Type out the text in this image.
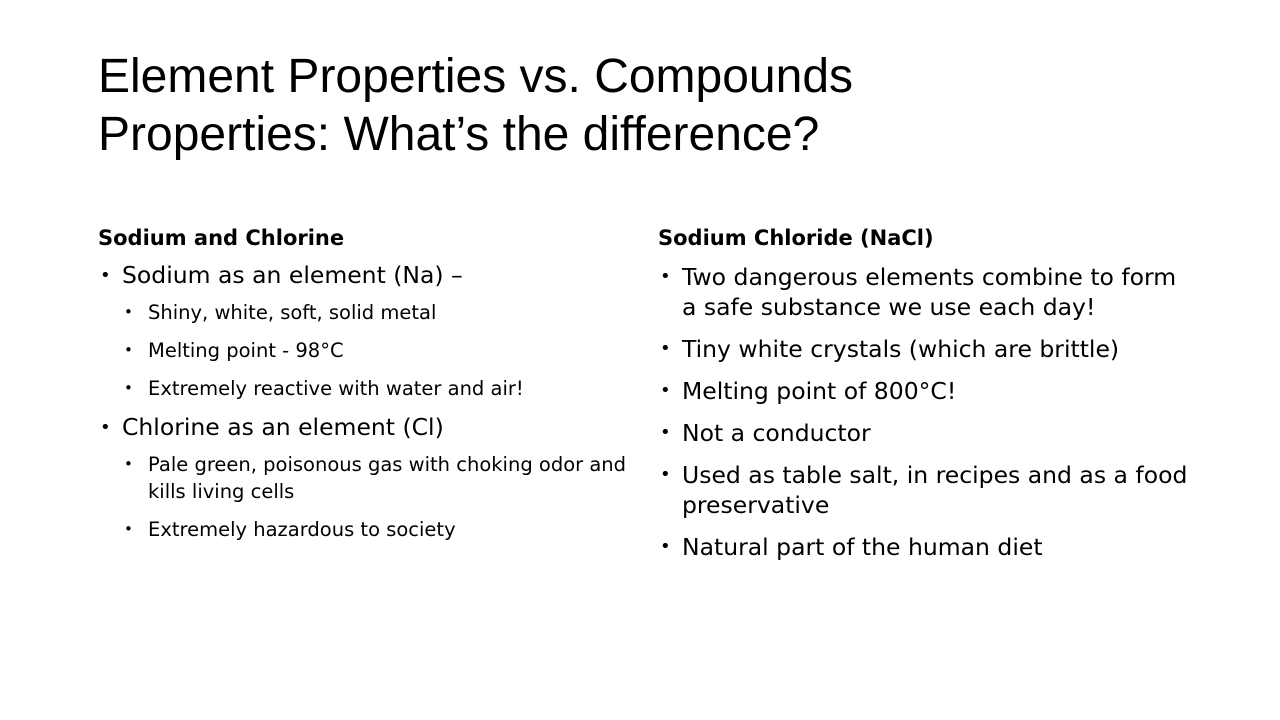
Element Properties vs. Compounds
Properties: What’s the difference?
Sodium and Chlorine
• Sodium as an element (Na) –
• Shiny, white, soft, solid metal
• Melting point - 98°C
• Extremely reactive with water and air!
• Chlorine as an element (Cl)
• Pale green, poisonous gas with choking odor and kills living cells
• Extremely hazardous to society
Sodium Chloride (NaCl)
• Two dangerous elements combine to form a safe substance we use each day!
• Tiny white crystals (which are brittle)
• Melting point of 800°C!
• Not a conductor
• Used as table salt, in recipes and as a food preservative
• Natural part of the human diet
